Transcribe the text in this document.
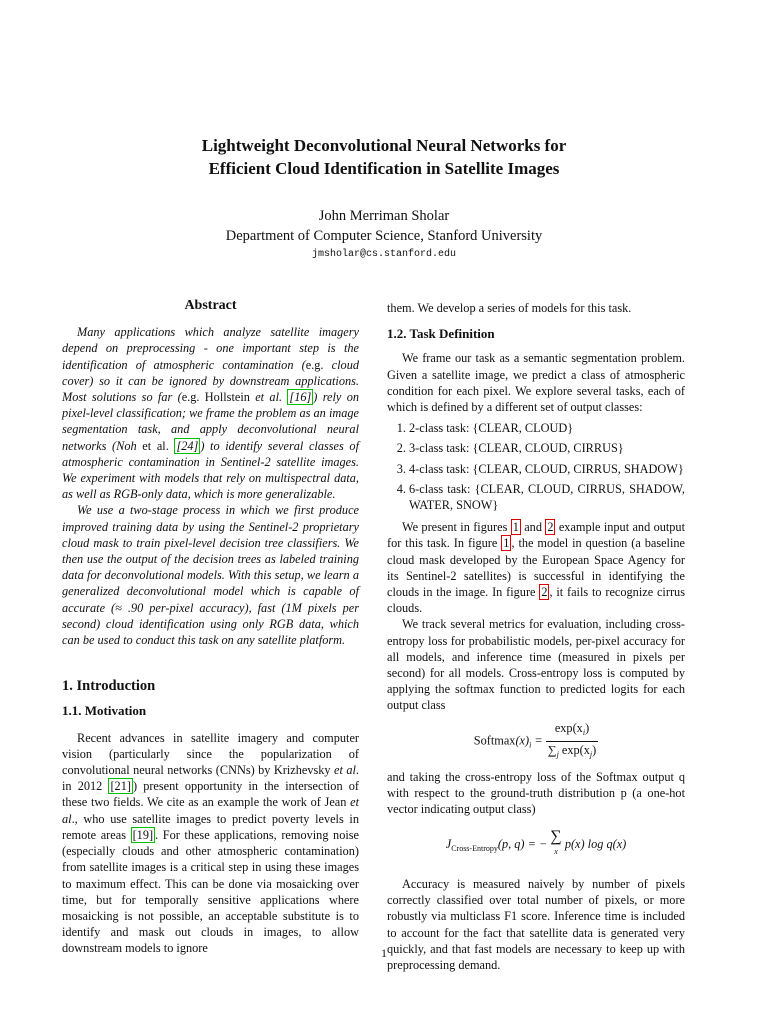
Lightweight Deconvolutional Neural Networks for
Efficient Cloud Identification in Satellite Images
John Merriman Sholar
Department of Computer Science, Stanford University
jmsholar@cs.stanford.edu

Abstract

Many applications which analyze satellite imagery depend on preprocessing - one important step is the identification of atmospheric contamination (e.g. cloud cover) so it can be ignored by downstream applications. Most solutions so far (e.g. Hollstein et al. [16] ) rely on pixel-level classification; we frame the problem as an image segmentation task, and apply deconvolutional neural networks (Noh et al. [24] ) to identify several classes of atmospheric contamination in Sentinel-2 satellite images. We experiment with models that rely on multispectral data, as well as RGB-only data, which is more generalizable.

We use a two-stage process in which we first produce improved training data by using the Sentinel-2 proprietary cloud mask to train pixel-level decision tree classifiers. We then use the output of the decision trees as labeled training data for deconvolutional models. With this setup, we learn a generalized deconvolutional model which is capable of accurate (≈ .90 per-pixel accuracy), fast (1M pixels per second) cloud identification using only RGB data, which can be used to conduct this task on any satellite platform.

1. Introduction

1.1. Motivation

Recent advances in satellite imagery and computer vision (particularly since the popularization of convolutional neural networks (CNNs) by Krizhevsky et al. in 2012 [21] ) present opportunity in the intersection of these two fields. We cite as an example the work of Jean et al., who use satellite images to predict poverty levels in remote areas [19] . For these applications, removing noise (especially clouds and other atmospheric contamination) from satellite images is a critical step in using these images to maximum effect. This can be done via mosaicking over time, but for temporally sensitive applications where mosaicking is not possible, an acceptable substitute is to identify and mask out clouds in images, to allow downstream models to ignore

them. We develop a series of models for this task.

1.2. Task Definition

We frame our task as a semantic segmentation problem. Given a satellite image, we predict a class of atmospheric condition for each pixel. We explore several tasks, each of which is defined by a different set of output classes:

1. 2-class task: {CLEAR, CLOUD}
2. 3-class task: {CLEAR, CLOUD, CIRRUS}
3. 4-class task: {CLEAR, CLOUD, CIRRUS, SHADOW}
4. 6-class task: {CLEAR, CLOUD, CIRRUS, SHADOW, WATER, SNOW}

We present in figures 1 and 2 example input and output for this task. In figure 1 , the model in question (a baseline cloud mask developed by the European Space Agency for its Sentinel-2 satellites) is successful in identifying the clouds in the image. In figure 2 , it fails to recognize cirrus clouds.

We track several metrics for evaluation, including cross-entropy loss for probabilistic models, per-pixel accuracy for all models, and inference time (measured in pixels per second) for all models. Cross-entropy loss is computed by applying the softmax function to predicted logits for each output class

$Softmax(x)_i = \frac{\exp(x_i)}{\sum_j \exp(x_j)}$

and taking the cross-entropy loss of the Softmax output q with respect to the ground-truth distribution p (a one-hot vector indicating output class)

$J_{Cross-Entropy}(p$, q) = − ∑
x
p(x) log q(x)

Accuracy is measured naively by number of pixels correctly classified over total number of pixels, or more robustly via multiclass F1 score. Inference time is included to account for the fact that satellite data is generated very quickly, and that fast models are necessary to keep up with preprocessing demand.

1
